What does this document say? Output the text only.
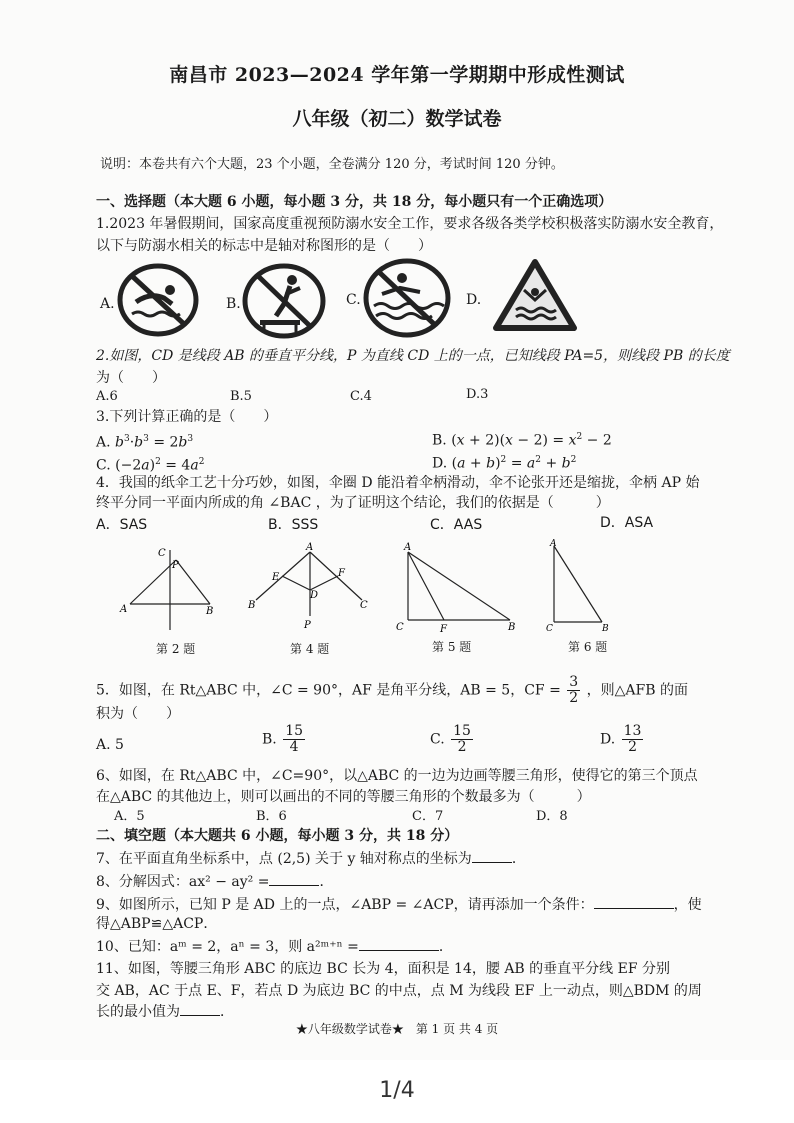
南昌市 2023—2024 学年第一学期期中形成性测试
八年级（初二）数学试卷
说明：本卷共有六个大题，23 个小题，全卷满分 120 分，考试时间 120 分钟。
一、选择题（本大题 6 小题，每小题 3 分，共 18 分，每小题只有一个正确选项）
1.2023 年暑假期间，国家高度重视预防溺水安全工作，要求各级各类学校积极落实防溺水安全教育，
以下与防溺水相关的标志中是轴对称图形的是（　　）
A.	B.	C.	D.
2.如图，CD 是线段 AB 的垂直平分线，P 为直线 CD 上的一点，已知线段 PA=5，则线段 PB 的长度
为（　　）
A.6	B.5	C.4	D.3
3.下列计算正确的是（　　）
A. $b^3\cdot b^3 = 2b^3$	B. $(x + 2)(x - 2) = x^2 - 2$
C. $(-2a)^2 = 4a^2$	D. $(a + b)^2 = a^2 + b^2$
4．我国的纸伞工艺十分巧妙，如图，伞圈 D 能沿着伞柄滑动，伞不论张开还是缩拢，伞柄 AP 始
终平分同一平面内所成的角 ∠BAC ，为了证明这个结论，我们的依据是（　　　）
A．SAS	B．SSS	C．AAS	D．ASA
C
P
A	B
第 2 题
A
E	F
D
B	C
P
第 4 题
A
C	F	B
第 5 题
A
C	B
第 6 题
5．如图，在 Rt△ABC 中，∠C = 90°，AF 是角平分线，AB = 5，CF = $\frac{3}{2}$ ，则△AFB 的面
积为（　　）
A. 5	B. $\frac{15}{4}$	C. $\frac{15}{2}$	D. $\frac{13}{2}$
6、如图，在 Rt△ABC 中，∠C=90°，以△ABC 的一边为边画等腰三角形，使得它的第三个顶点
在△ABC 的其他边上，则可以画出的不同的等腰三角形的个数最多为（　　　）
A．5	B．6	C．7	D．8
二、填空题（本大题共 6 小题，每小题 3 分，共 18 分）
7、在平面直角坐标系中，点 (2,5) 关于 y 轴对称点的坐标为	．
8、分解因式：ax² − ay² =	．
9、如图所示，已知 P 是 AD 上的一点，∠ABP = ∠ACP，请再添加一个条件：	，使
得△ABP≌△ACP．
10、已知：aᵐ = 2，aⁿ = 3，则 a²ᵐ⁺ⁿ =	．
11、如图，等腰三角形 ABC 的底边 BC 长为 4，面积是 14，腰 AB 的垂直平分线 EF 分别
交 AB，AC 于点 E、F，若点 D 为底边 BC 的中点，点 M 为线段 EF 上一动点，则△BDM 的周
长的最小值为	．
★八年级数学试卷★　第 1 页 共 4 页
1/4
